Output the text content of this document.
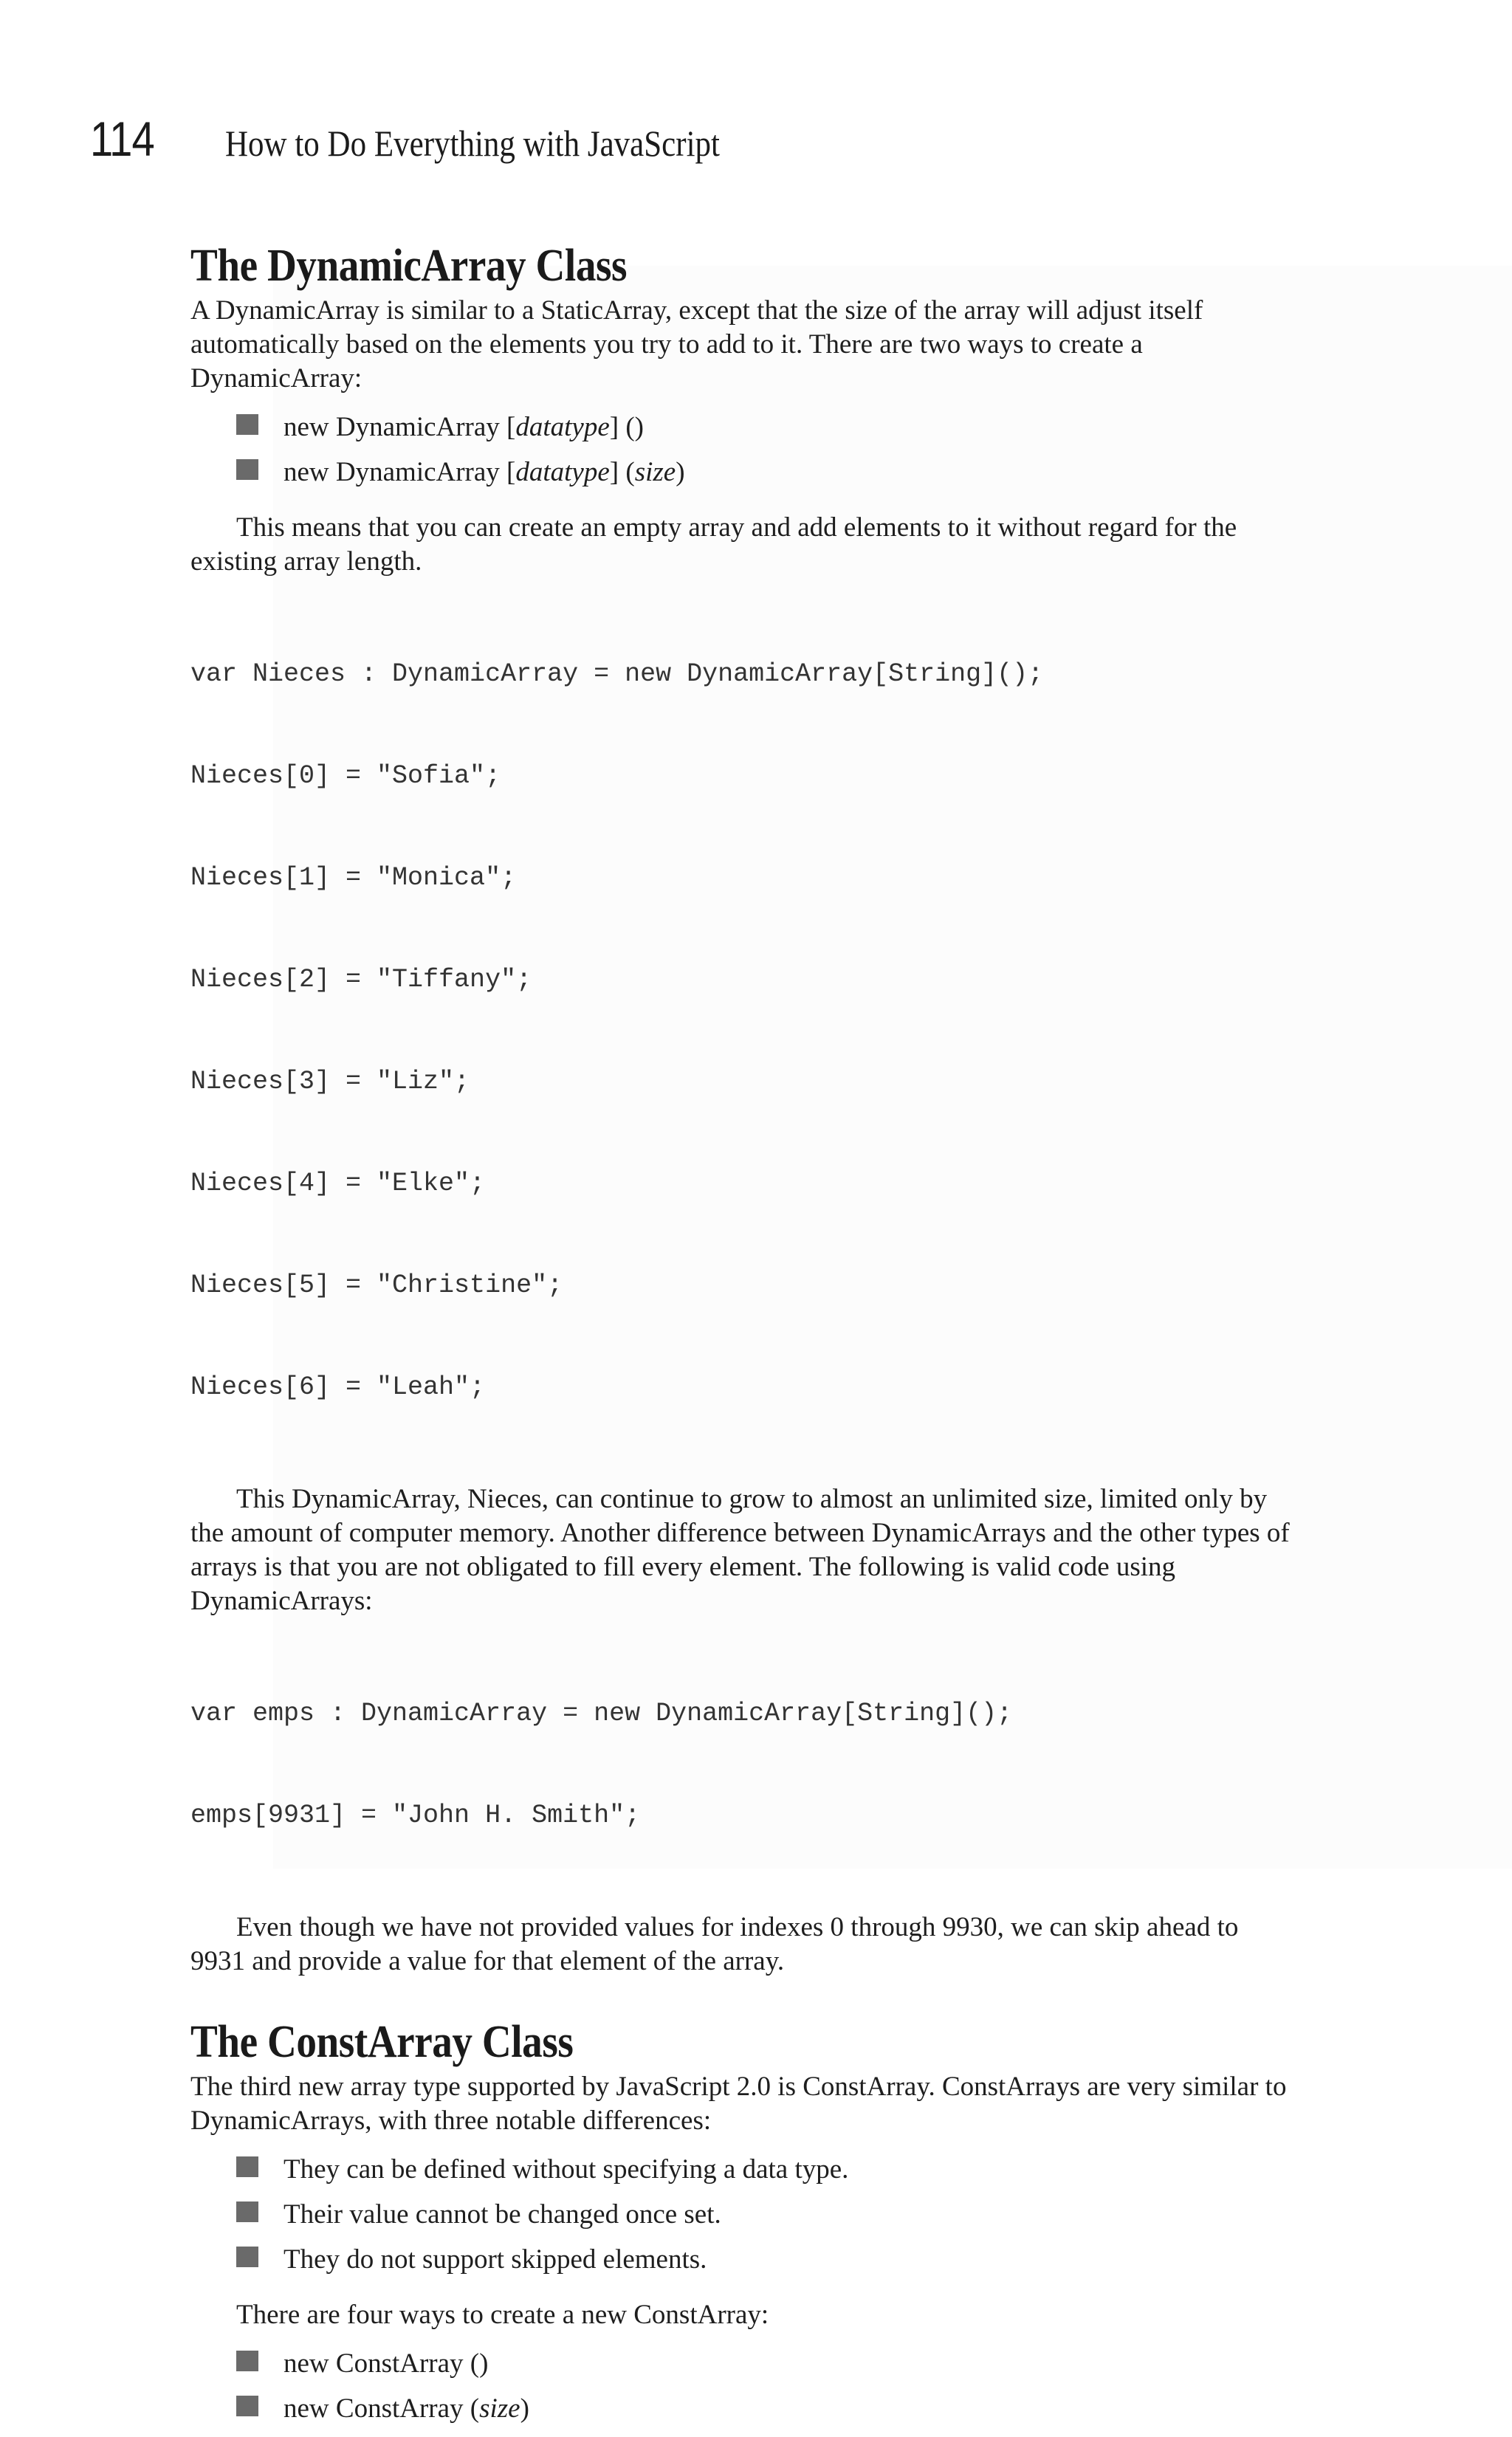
114 How to Do Everything with JavaScript
The DynamicArray Class

A DynamicArray is similar to a StaticArray, except that the size of the array will adjust itself automatically based on the elements you try to add to it. There are two ways to create a DynamicArray:

new DynamicArray [datatype] ()
new DynamicArray [datatype] (size)

This means that you can create an empty array and add elements to it without regard for the existing array length.

var Nieces : DynamicArray = new DynamicArray[String]();

Nieces[0] = "Sofia";

Nieces[1] = "Monica";

Nieces[2] = "Tiffany";

Nieces[3] = "Liz";

Nieces[4] = "Elke";

Nieces[5] = "Christine";

Nieces[6] = "Leah";

This DynamicArray, Nieces, can continue to grow to almost an unlimited size, limited only by the amount of computer memory. Another difference between DynamicArrays and the other types of arrays is that you are not obligated to fill every element. The following is valid code using DynamicArrays:

var emps : DynamicArray = new DynamicArray[String]();

emps[9931] = "John H. Smith";

Even though we have not provided values for indexes 0 through 9930, we can skip ahead to 9931 and provide a value for that element of the array.

The ConstArray Class

The third new array type supported by JavaScript 2.0 is ConstArray. ConstArrays are very similar to DynamicArrays, with three notable differences:

They can be defined without specifying a data type.
Their value cannot be changed once set.
They do not support skipped elements.

There are four ways to create a new ConstArray:

new ConstArray ()
new ConstArray (size)
